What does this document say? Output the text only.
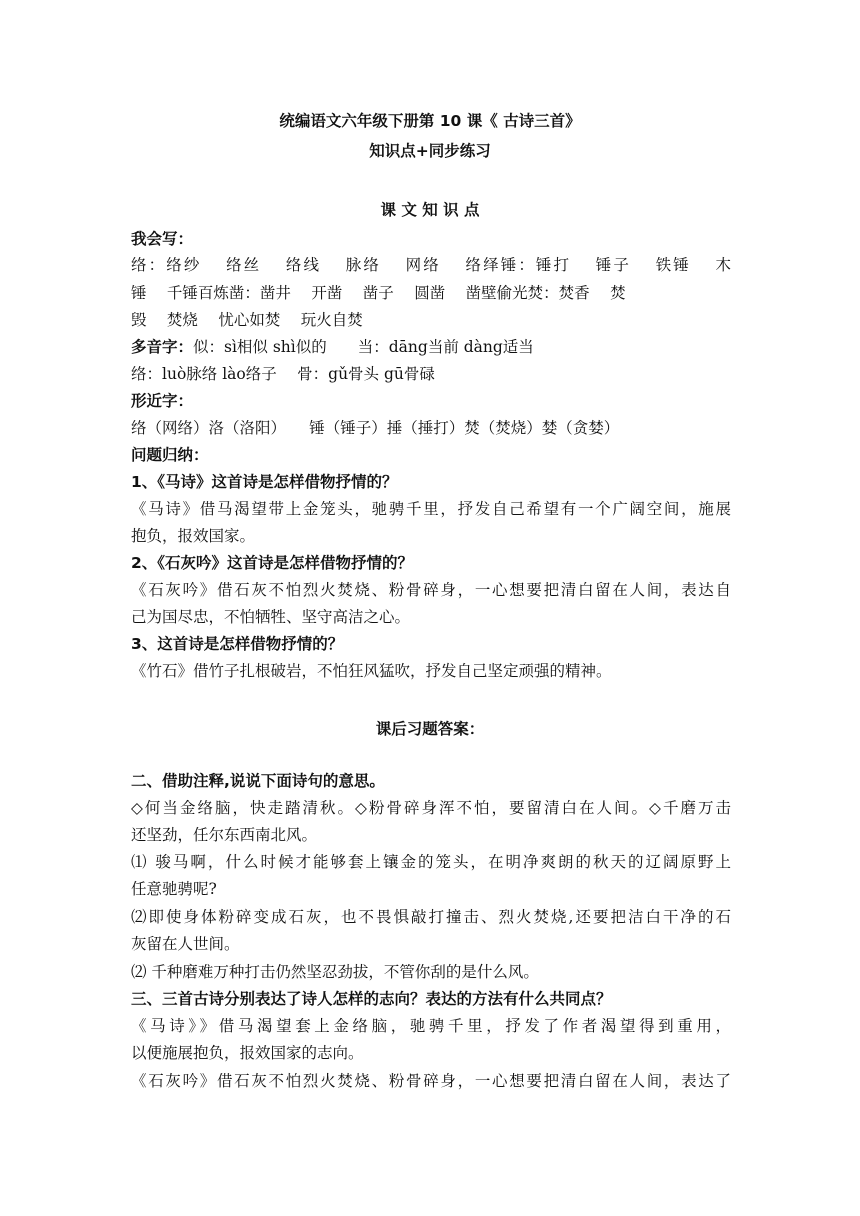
统编语文六年级下册第 10 课《 古诗三首》
知识点+同步练习
课 文 知 识 点
我会写：
络：络纱　 络丝　 络线　 脉络　 网络　 络绎锤：锤打　 锤子　 铁锤　 木
锤　 千锤百炼凿：凿井　 开凿　 凿子　 圆凿　 凿壁偷光焚：焚香　 焚
毁　 焚烧　 忧心如焚　 玩火自焚
多音字：似：sì相似 shì似的　　当：dāng当前 dàng适当
络：luò脉络 lào络子　 骨：gǔ骨头 gū骨碌
形近字：
络（网络）洛（洛阳）　　锤（锤子）捶（捶打）焚（焚烧）婪（贪婪）
问题归纳：
1、《马诗》这首诗是怎样借物抒情的？
《马诗》借马渴望带上金笼头，驰骋千里，抒发自己希望有一个广阔空间，施展
抱负，报效国家。
2、《石灰吟》这首诗是怎样借物抒情的？
《石灰吟》借石灰不怕烈火焚烧、粉骨碎身，一心想要把清白留在人间，表达自
己为国尽忠，不怕牺牲、坚守高洁之心。
3、这首诗是怎样借物抒情的？
《竹石》借竹子扎根破岩，不怕狂风猛吹，抒发自己坚定顽强的精神。
课后习题答案：
二、借助注释,说说下面诗句的意思。
◇何当金络脑，快走踏清秋。◇粉骨碎身浑不怕，要留清白在人间。◇千磨万击
还坚劲，任尔东西南北风。
⑴ 骏马啊，什么时候才能够套上镶金的笼头，在明净爽朗的秋天的辽阔原野上
任意驰骋呢?
⑵即使身体粉碎变成石灰，也不畏惧敲打撞击、烈火焚烧,还要把洁白干净的石
灰留在人世间。
⑵ 千种磨难万种打击仍然坚忍劲拔，不管你刮的是什么风。
三、三首古诗分别表达了诗人怎样的志向？表达的方法有什么共同点？
《马诗》》借马渴望套上金络脑，驰骋千里，抒发了作者渴望得到重用，
以便施展抱负，报效国家的志向。
《石灰吟》借石灰不怕烈火焚烧、粉骨碎身，一心想要把清白留在人间，表达了
